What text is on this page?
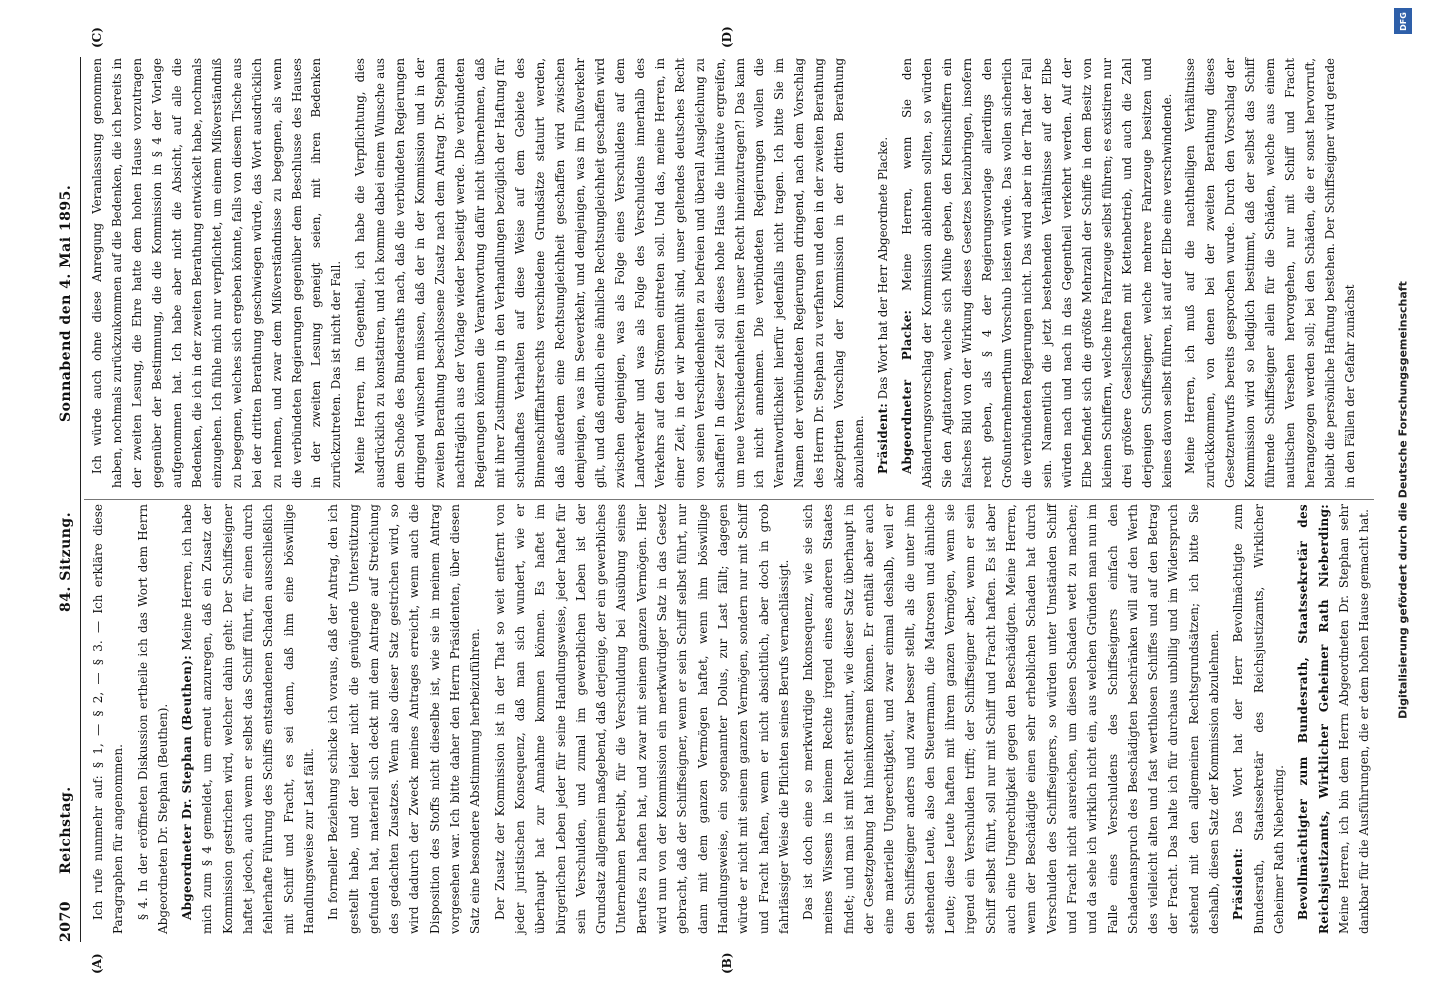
2070
Reichstag.
84. Sitzung.
Sonnabend den 4. Mai 1895.
(A)	(B)
(C)	(D)

Ich rufe nunmehr auf: § 1, — § 2, — § 3. — Ich erkläre diese Paragraphen für angenommen. § 4. In der eröffneten Diskussion ertheile ich das Wort dem Herrn Abgeordneten Dr. Stephan (Beuthen). Abgeordneter Dr. Stephan (Beuthen): Meine Herren, ich habe mich zum § 4 gemeldet, um erneut anzuregen, daß ein Zusatz der Kommission gestrichen wird, welcher dahin geht: Der Schiffseigner haftet jedoch, auch wenn er selbst das Schiff führt, für einen durch fehlerhafte Führung des Schiffs entstandenen Schaden ausschließlich mit Schiff und Fracht, es sei denn, daß ihm eine böswillige Handlungsweise zur Last fällt. In formeller Beziehung schicke ich voraus, daß der Antrag, den ich gestellt habe, und der leider nicht die genügende Unterstützung gefunden hat, materiell sich deckt mit dem Antrage auf Streichung des gedachten Zusatzes. Wenn also dieser Satz gestrichen wird, so wird dadurch der Zweck meines Antrages erreicht, wenn auch die Disposition des Stoffs nicht dieselbe ist, wie sie in meinem Antrag vorgesehen war. Ich bitte daher den Herrn Präsidenten, über diesen Satz eine besondere Abstimmung herbeizuführen. Der Zusatz der Kommission ist in der That so weit entfernt von jeder juristischen Konsequenz, daß man sich wundert, wie er überhaupt hat zur Annahme kommen können. Es haftet im bürgerlichen Leben jeder für seine Handlungsweise, jeder haftet für sein Verschulden, und zumal im gewerblichen Leben ist der Grundsatz allgemein maßgebend, daß derjenige, der ein gewerbliches Unternehmen betreibt, für die Verschuldung bei Ausübung seines Berufes zu haften hat, und zwar mit seinem ganzen Vermögen. Hier wird nun von der Kommission ein merkwürdiger Satz in das Gesetz gebracht, daß der Schiffseigner, wenn er sein Schiff selbst führt, nur dann mit dem ganzen Vermögen haftet, wenn ihm böswillige Handlungsweise, ein sogenannter Dolus, zur Last fällt; dagegen würde er nicht mit seinem ganzen Vermögen, sondern nur mit Schiff und Fracht haften, wenn er nicht absichtlich, aber doch in grob fahrlässiger Weise die Pflichten seines Berufs vernachlässigt. Das ist doch eine so merkwürdige Inkonsequenz, wie sie sich meines Wissens in keinem Rechte irgend eines anderen Staates findet; und man ist mit Recht erstaunt, wie dieser Satz überhaupt in der Gesetzgebung hat hineinkommen können. Er enthält aber auch eine materielle Ungerechtigkeit, und zwar einmal deshalb, weil er den Schiffseigner anders und zwar besser stellt, als die unter ihm stehenden Leute, also den Steuermann, die Matrosen und ähnliche Leute; diese Leute haften mit ihrem ganzen Vermögen, wenn sie irgend ein Verschulden trifft; der Schiffseigner aber, wenn er sein Schiff selbst führt, soll nur mit Schiff und Fracht haften. Es ist aber auch eine Ungerechtigkeit gegen den Beschädigten. Meine Herren, wenn der Beschädigte einen sehr erheblichen Schaden hat durch Verschulden des Schiffseigners, so würden unter Umständen Schiff und Fracht nicht ausreichen, um diesen Schaden wett zu machen; und da sehe ich wirklich nicht ein, aus welchen Gründen man nun im Falle eines Verschuldens des Schiffseigners einfach den Schadenanspruch des Beschädigten beschränken will auf den Werth des vielleicht alten und fast werthlosen Schiffes und auf den Betrag der Fracht. Das halte ich für durchaus unbillig und im Widerspruch stehend mit den allgemeinen Rechtsgrundsätzen; ich bitte Sie deshalb, diesen Satz der Kommission abzulehnen. Präsident: Das Wort hat der Herr Bevollmächtigte zum Bundesrath, Staatssekretär des Reichsjustizamts, Wirklicher Geheimer Rath Nieberding. Bevollmächtigter zum Bundesrath, Staatssekretär des Reichsjustizamts, Wirklicher Geheimer Rath Nieberding: Meine Herren, ich bin dem Herrn Abgeordneten Dr. Stephan sehr dankbar für die Ausführungen, die er dem hohen Hause gemacht hat.

Ich würde auch ohne diese Anregung Veranlassung genommen haben, nochmals zurückzukommen auf die Bedenken, die ich bereits in der zweiten Lesung, die Ehre hatte dem hohen Hause vorzutragen gegenüber der Bestimmung, die die Kommission in § 4 der Vorlage aufgenommen hat. Ich habe aber nicht die Absicht, auf alle die Bedenken, die ich in der zweiten Berathung entwickelt habe, nochmals einzugehen. Ich fühle mich nur verpflichtet, um einem Mißverständniß zu begegnen, welches sich ergeben könnte, falls von diesem Tische aus bei der dritten Berathung geschwiegen würde, das Wort ausdrücklich zu nehmen, und zwar dem Mißverständnisse zu begegnen, als wenn die verbündeten Regierungen gegenüber dem Beschlusse des Hauses in der zweiten Lesung geneigt seien, mit ihren Bedenken zurückzutreten. Das ist nicht der Fall. Meine Herren, im Gegentheil, ich habe die Verpflichtung, dies ausdrücklich zu konstatiren, und ich komme dabei einem Wunsche aus dem Schoße des Bundesraths nach, daß die verbündeten Regierungen dringend wünschen müssen, daß der in der Kommission und in der zweiten Berathung beschlossene Zusatz nach dem Antrag Dr. Stephan nachträglich aus der Vorlage wieder beseitigt werde. Die verbündeten Regierungen können die Verantwortung dafür nicht übernehmen, daß mit ihrer Zustimmung in den Verhandlungen bezüglich der Haftung für schuldhaftes Verhalten auf diese Weise auf dem Gebiete des Binnenschifffahrtsrechts verschiedene Grundsätze statuirt werden, daß außerdem eine Rechtsungleichheit geschaffen wird zwischen demjenigen, was im Seeverkehr, und demjenigen, was im Flußverkehr gilt, und daß endlich eine ähnliche Rechtsungleichheit geschaffen wird zwischen denjenigen, was als Folge eines Verschuldens auf dem Landverkehr und was als Folge des Verschuldens innerhalb des Verkehrs auf den Strömen eintreten soll. Und das, meine Herren, in einer Zeit, in der wir bemüht sind, unser geltendes deutsches Recht von seinen Verschiedenheiten zu befreien und überall Ausgleichung zu schaffen! In dieser Zeit soll dieses hohe Haus die Initiative ergreifen, um neue Verschiedenheiten in unser Recht hineinzutragen?! Das kann ich nicht annehmen. Die verbündeten Regierungen wollen die Verantwortlichkeit hierfür jedenfalls nicht tragen. Ich bitte Sie im Namen der verbündeten Regierungen dringend, nach dem Vorschlag des Herrn Dr. Stephan zu verfahren und den in der zweiten Berathung akzeptirten Vorschlag der Kommission in der dritten Berathung abzulehnen. Präsident: Das Wort hat der Herr Abgeordnete Placke. Abgeordneter Placke: Meine Herren, wenn Sie den Abänderungsvorschlag der Kommission ablehnen sollten, so würden Sie den Agitatoren, welche sich Mühe geben, den Kleinschiffern ein falsches Bild von der Wirkung dieses Gesetzes beizubringen, insofern recht geben, als § 4 der Regierungsvorlage allerdings den Großunternehmerthum Vorschub leisten würde. Das wollen sicherlich die verbündeten Regierungen nicht. Das wird aber in der That der Fall sein. Namentlich die jetzt bestehenden Verhältnisse auf der Elbe würden nach und nach in das Gegentheil verkehrt werden. Auf der Elbe befindet sich die größte Mehrzahl der Schiffe in dem Besitz von kleinen Schiffern, welche ihre Fahrzeuge selbst führen; es existiren nur drei größere Gesellschaften mit Kettenbetrieb, und auch die Zahl derjenigen Schiffseigner, welche mehrere Fahrzeuge besitzen und keines davon selbst führen, ist auf der Elbe eine verschwindende. Meine Herren, ich muß auf die nachtheiligen Verhältnisse zurückkommen, von denen bei der zweiten Berathung dieses Gesetzentwurfs bereits gesprochen wurde. Durch den Vorschlag der Kommission wird so lediglich bestimmt, daß der selbst das Schiff führende Schiffseigner allein für die Schäden, welche aus einem nautischen Versehen hervorgehen, nur mit Schiff und Fracht herangezogen werden soll; bei den Schäden, die er sonst hervorruft, bleibt die persönliche Haftung bestehen. Der Schiffseigner wird gerade in den Fällen der Gefahr zunächst

DFG
Digitalisierung gefördert durch die Deutsche Forschungsgemeinschaft
